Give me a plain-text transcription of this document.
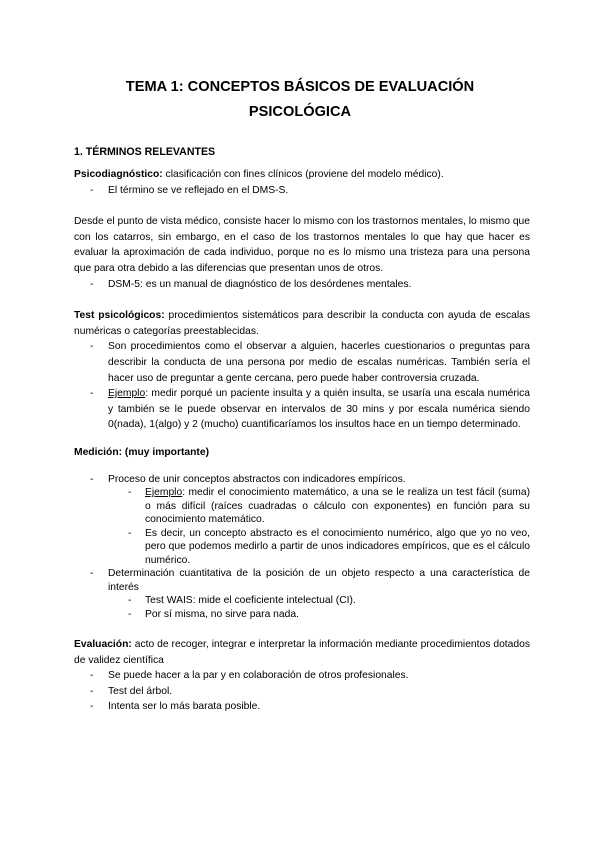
TEMA 1: CONCEPTOS BÁSICOS DE EVALUACIÓN
PSICOLÓGICA
1. TÉRMINOS RELEVANTES

Psicodiagnóstico: clasificación con fines clínicos (proviene del modelo médico).

- El término se ve reflejado en el DMS-S.

Desde el punto de vista médico, consiste hacer lo mismo con los trastornos mentales, lo mismo que con los catarros, sin embargo, en el caso de los trastornos mentales lo que hay que hacer es evaluar la aproximación de cada individuo, porque no es lo mismo una tristeza para una persona que para otra debido a las diferencias que presentan unos de otros.

- DSM-5: es un manual de diagnóstico de los desórdenes mentales.

Test psicológicos: procedimientos sistemáticos para describir la conducta con ayuda de escalas numéricas o categorías preestablecidas.

- Son procedimientos como el observar a alguien, hacerles cuestionarios o preguntas para describir la conducta de una persona por medio de escalas numéricas. También sería el hacer uso de preguntar a gente cercana, pero puede haber controversia cruzada.
- Ejemplo: medir porqué un paciente insulta y a quién insulta, se usaría una escala numérica y también se le puede observar en intervalos de 30 mins y por escala numérica siendo 0(nada), 1(algo) y 2 (mucho) cuantificaríamos los insultos hace en un tiempo determinado.

Medición: (muy importante)

- Proceso de unir conceptos abstractos con indicadores empíricos.
- Ejemplo: medir el conocimiento matemático, a una se le realiza un test fácil (suma) o más difícil (raíces cuadradas o cálculo con exponentes) en función para su conocimiento matemático.
- Es decir, un concepto abstracto es el conocimiento numérico, algo que yo no veo, pero que podemos medirlo a partir de unos indicadores empíricos, que es el cálculo numérico.
- Determinación cuantitativa de la posición de un objeto respecto a una característica de interés
- Test WAIS: mide el coeficiente intelectual (CI).
- Por sí misma, no sirve para nada.

Evaluación: acto de recoger, integrar e interpretar la información mediante procedimientos dotados de validez científica

- Se puede hacer a la par y en colaboración de otros profesionales.
- Test del árbol.
- Intenta ser lo más barata posible.
